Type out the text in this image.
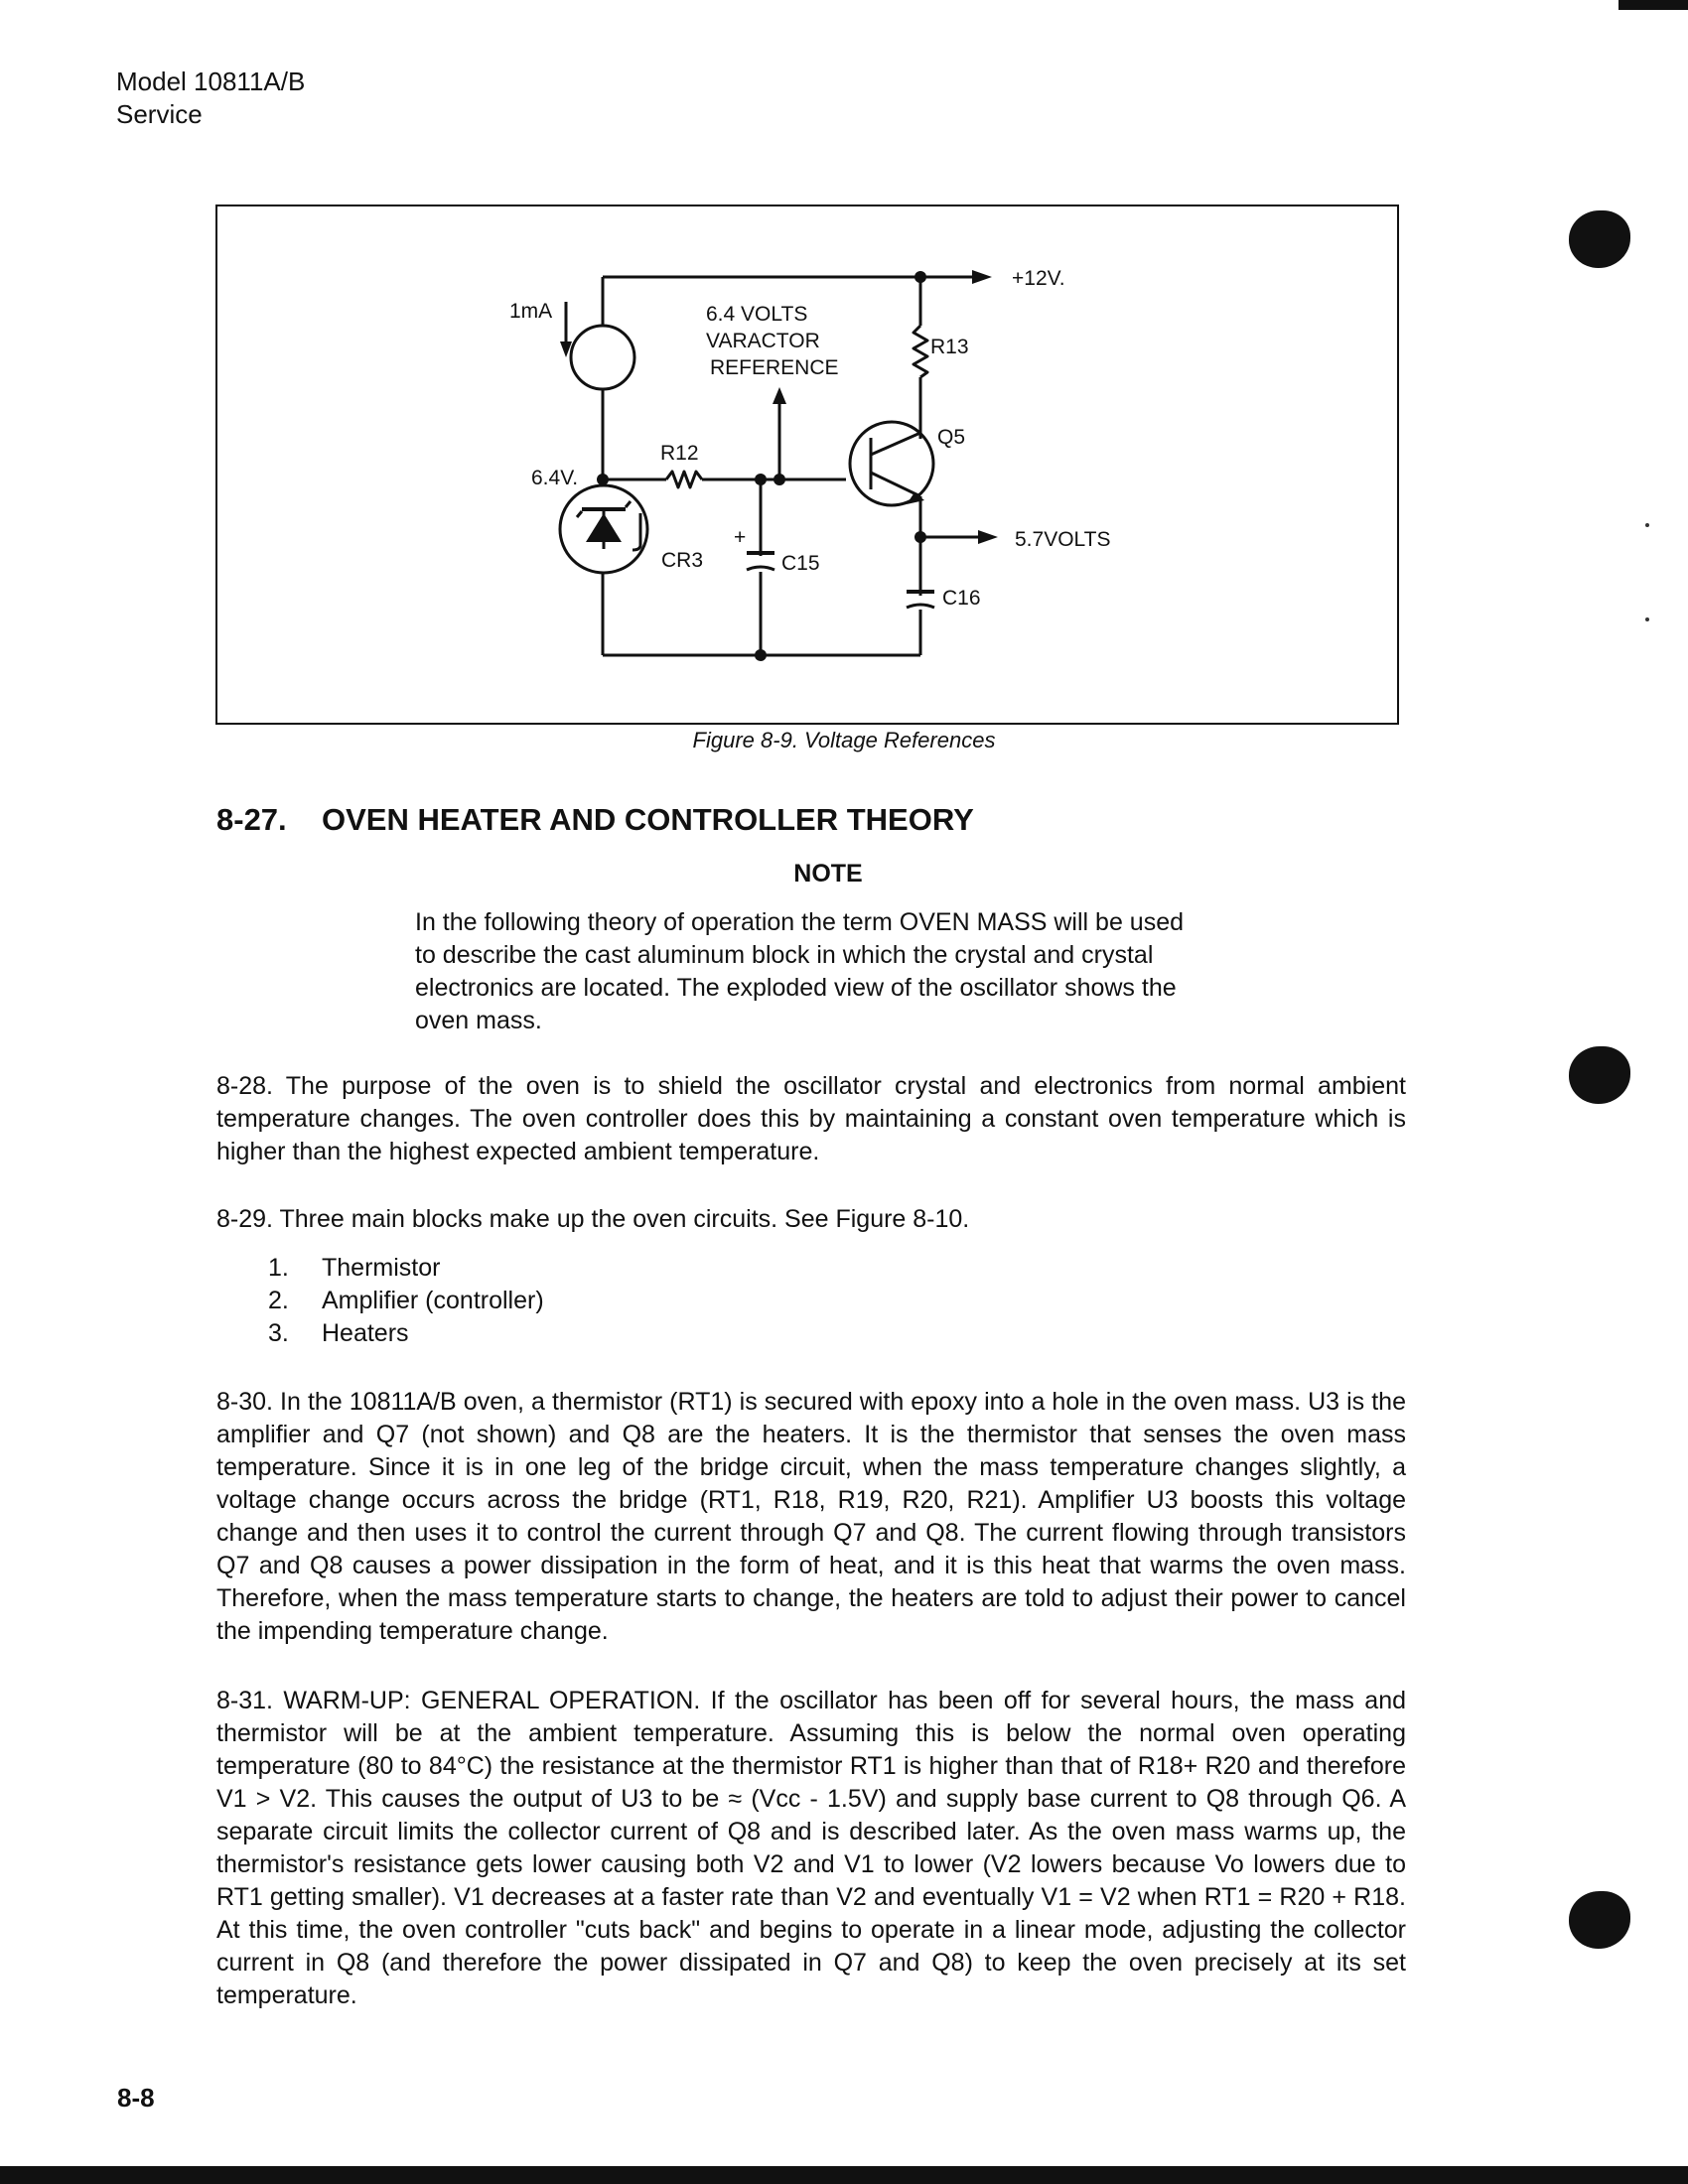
Model 10811A/B
Service
+12V.
1mA	6.4 VOLTS
VARACTOR
REFERENCE
R13
Q5
R12
6.4V.
5.7VOLTS
CR3	C15
+
C16
Figure 8-9. Voltage References
8-27. OVEN HEATER AND CONTROLLER THEORY
NOTE
In the following theory of operation the term OVEN MASS will be used to describe the cast aluminum block in which the crystal and crystal electronics are located. The exploded view of the oscillator shows the oven mass.
8-28. The purpose of the oven is to shield the oscillator crystal and electronics from normal ambient temperature changes. The oven controller does this by maintaining a constant oven temperature which is higher than the highest expected ambient temperature.
8-29. Three main blocks make up the oven circuits. See Figure 8-10.
1. Thermistor
2. Amplifier (controller)
3. Heaters
8-30. In the 10811A/B oven, a thermistor (RT1) is secured with epoxy into a hole in the oven mass. U3 is the amplifier and Q7 (not shown) and Q8 are the heaters. It is the thermistor that senses the oven mass temperature. Since it is in one leg of the bridge circuit, when the mass temperature changes slightly, a voltage change occurs across the bridge (RT1, R18, R19, R20, R21). Amplifier U3 boosts this voltage change and then uses it to control the current through Q7 and Q8. The current flowing through transistors Q7 and Q8 causes a power dissipation in the form of heat, and it is this heat that warms the oven mass. Therefore, when the mass temperature starts to change, the heaters are told to adjust their power to cancel the impending temperature change.
8-31. WARM-UP: GENERAL OPERATION. If the oscillator has been off for several hours, the mass and thermistor will be at the ambient temperature. Assuming this is below the normal oven operating temperature (80 to 84°C) the resistance at the thermistor RT1 is higher than that of R18+ R20 and therefore V1 > V2. This causes the output of U3 to be ≈ (Vcc - 1.5V) and supply base current to Q8 through Q6. A separate circuit limits the collector current of Q8 and is described later. As the oven mass warms up, the thermistor's resistance gets lower causing both V2 and V1 to lower (V2 lowers because Vo lowers due to RT1 getting smaller). V1 decreases at a faster rate than V2 and eventually V1 = V2 when RT1 = R20 + R18. At this time, the oven controller "cuts back" and begins to operate in a linear mode, adjusting the collector current in Q8 (and therefore the power dissipated in Q7 and Q8) to keep the oven precisely at its set temperature.
8-8
